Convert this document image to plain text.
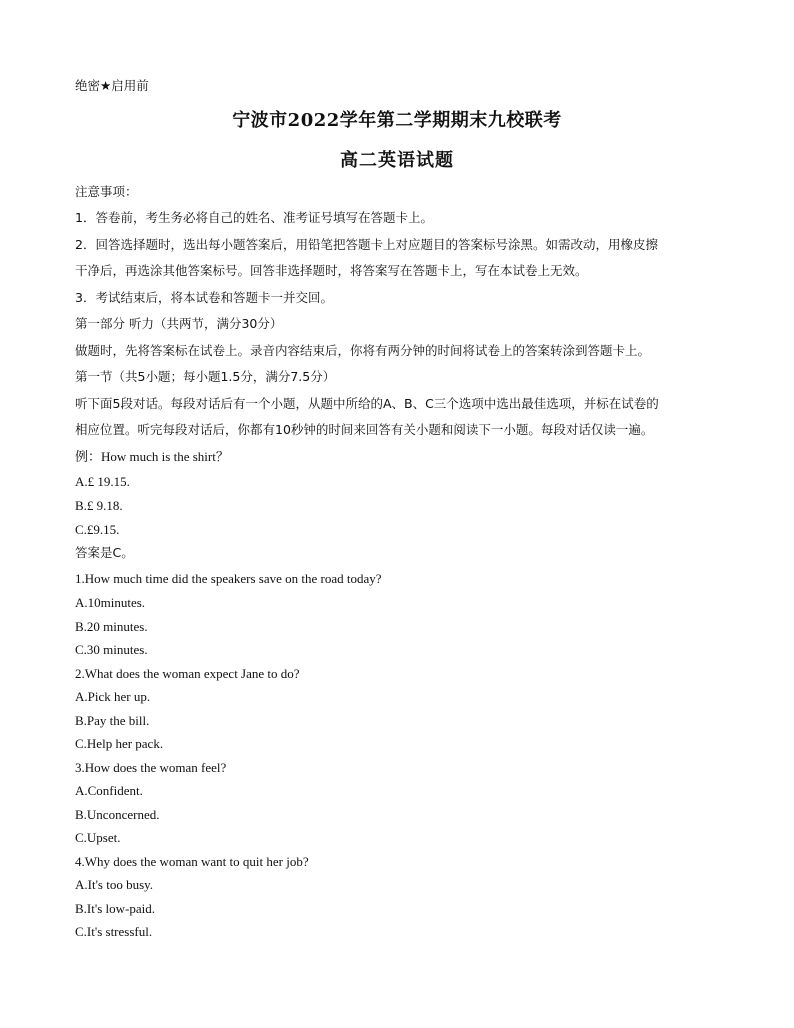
绝密★启用前
宁波市2022学年第二学期期末九校联考
高二英语试题
注意事项：
1．答卷前，考生务必将自己的姓名、准考证号填写在答题卡上。
2．回答选择题时，选出每小题答案后，用铅笔把答题卡上对应题目的答案标号涂黑。如需改动，用橡皮擦
干净后，再选涂其他答案标号。回答非选择题时，将答案写在答题卡上，写在本试卷上无效。
3．考试结束后，将本试卷和答题卡一并交回。
第一部分 听力（共两节，满分30分）
做题时，先将答案标在试卷上。录音内容结束后，你将有两分钟的时间将试卷上的答案转涂到答题卡上。
第一节（共5小题；每小题1.5分，满分7.5分）
听下面5段对话。每段对话后有一个小题，从题中所给的A、B、C三个选项中选出最佳选项，并标在试卷的
相应位置。听完每段对话后，你都有10秒钟的时间来回答有关小题和阅读下一小题。每段对话仅读一遍。
例：How much is the shirt？
A.£ 19.15.
B.£ 9.18.
C.£9.15.
答案是C。
1.How much time did the speakers save on the road today?
A.10minutes.
B.20 minutes.
C.30 minutes.
2.What does the woman expect Jane to do?
A.Pick her up.
B.Pay the bill.
C.Help her pack.
3.How does the woman feel?
A.Confident.
B.Unconcerned.
C.Upset.
4.Why does the woman want to quit her job?
A.It's too busy.
B.It's low-paid.
C.It's stressful.
